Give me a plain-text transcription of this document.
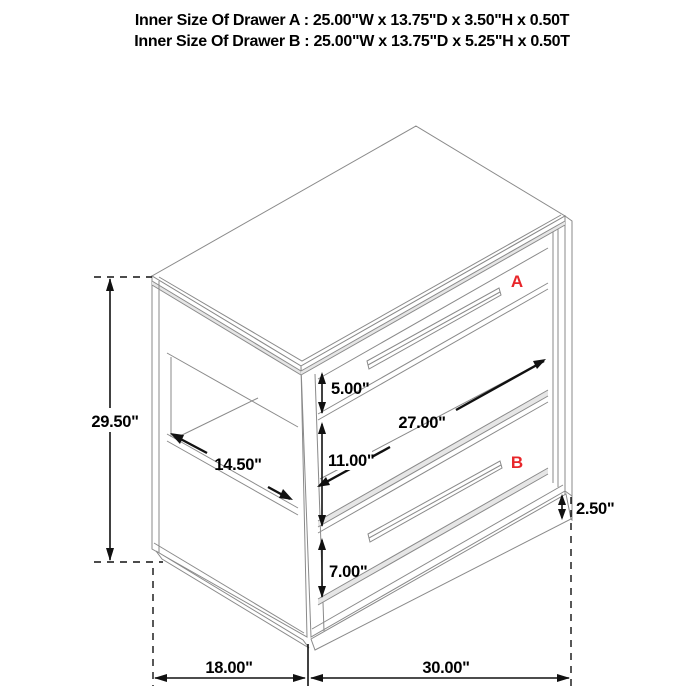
Inner Size Of Drawer A : 25.00"W x 13.75"D x 3.50"H x 0.50T
Inner Size Of Drawer B : 25.00"W x 13.75"D x 5.25"H x 0.50T
A
B
29.50"
14.50"
5.00"
27.00"
11.00"
7.00"
2.50"
18.00"	30.00"
